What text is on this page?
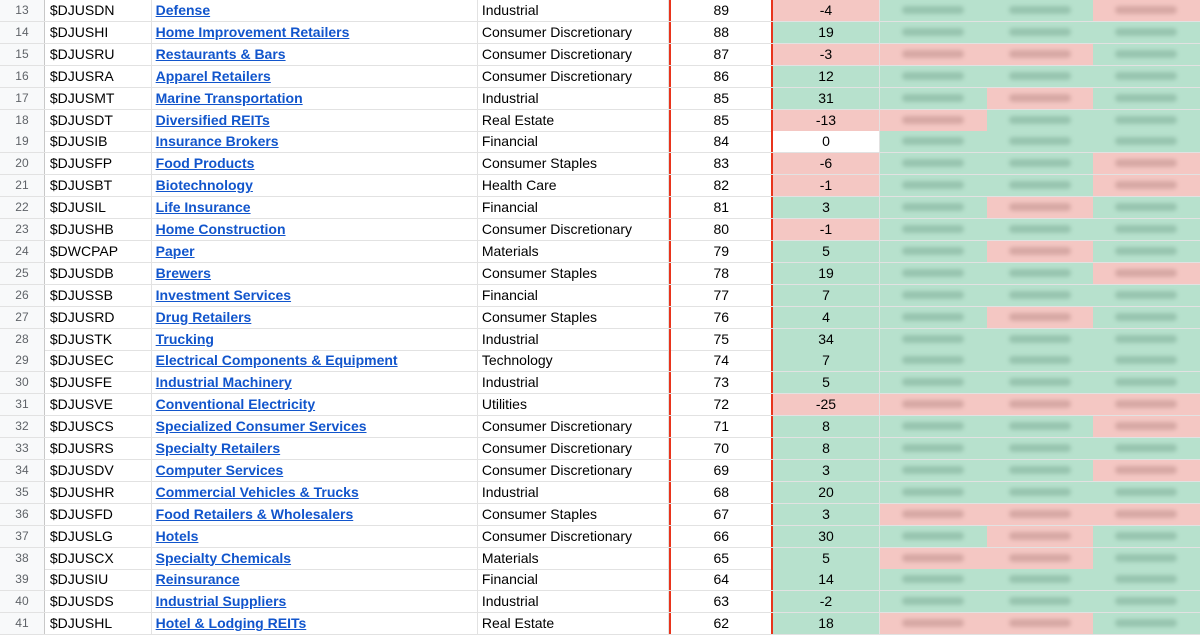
13	$DJUSDN	Defense	Industrial	89	-4
14	$DJUSHI	Home Improvement Retailers	Consumer Discretionary	88	19
15	$DJUSRU	Restaurants & Bars	Consumer Discretionary	87	-3
16	$DJUSRA	Apparel Retailers	Consumer Discretionary	86	12
17	$DJUSMT	Marine Transportation	Industrial	85	31
18	$DJUSDT	Diversified REITs	Real Estate	85	-13
19	$DJUSIB	Insurance Brokers	Financial	84	0
20	$DJUSFP	Food Products	Consumer Staples	83	-6
21	$DJUSBT	Biotechnology	Health Care	82	-1
22	$DJUSIL	Life Insurance	Financial	81	3
23	$DJUSHB	Home Construction	Consumer Discretionary	80	-1
24	$DWCPAP	Paper	Materials	79	5
25	$DJUSDB	Brewers	Consumer Staples	78	19
26	$DJUSSB	Investment Services	Financial	77	7
27	$DJUSRD	Drug Retailers	Consumer Staples	76	4
28	$DJUSTK	Trucking	Industrial	75	34
29	$DJUSEC	Electrical Components & Equipment	Technology	74	7
30	$DJUSFE	Industrial Machinery	Industrial	73	5
31	$DJUSVE	Conventional Electricity	Utilities	72	-25
32	$DJUSCS	Specialized Consumer Services	Consumer Discretionary	71	8
33	$DJUSRS	Specialty Retailers	Consumer Discretionary	70	8
34	$DJUSDV	Computer Services	Consumer Discretionary	69	3
35	$DJUSHR	Commercial Vehicles & Trucks	Industrial	68	20
36	$DJUSFD	Food Retailers & Wholesalers	Consumer Staples	67	3
37	$DJUSLG	Hotels	Consumer Discretionary	66	30
38	$DJUSCX	Specialty Chemicals	Materials	65	5
39	$DJUSIU	Reinsurance	Financial	64	14
40	$DJUSDS	Industrial Suppliers	Industrial	63	-2
41	$DJUSHL	Hotel & Lodging REITs	Real Estate	62	18
